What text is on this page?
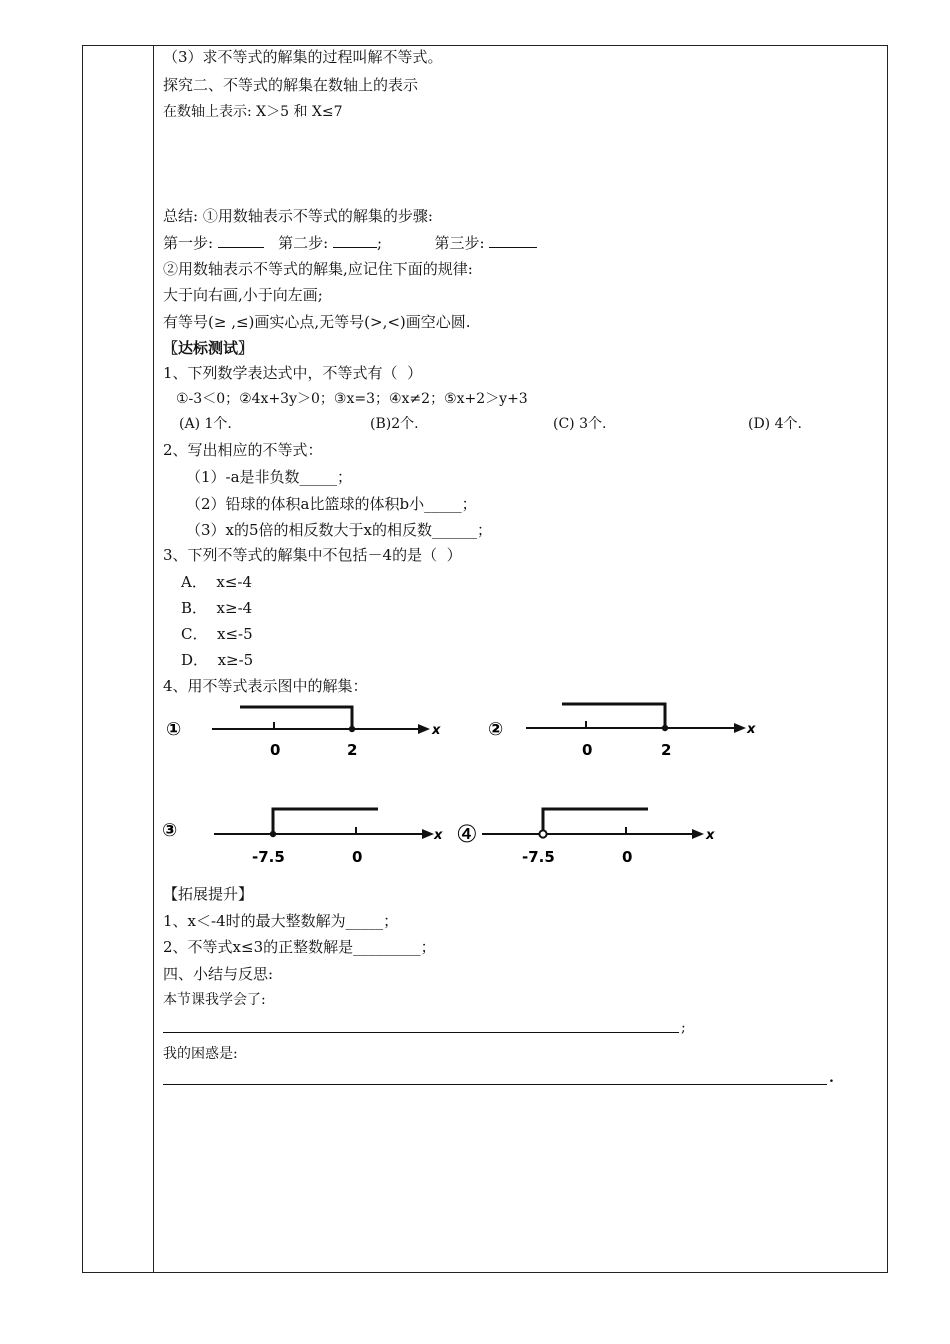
（3）求不等式的解集的过程叫解不等式。
探究二、不等式的解集在数轴上的表示
在数轴上表示: X＞5 和 X≤7
总结: ①用数轴表示不等式的解集的步骤:
第一步:	第二步:	;	第三步:
②用数轴表示不等式的解集,应记住下面的规律:
大于向右画,小于向左画;
有等号(≥ ,≤)画实心点,无等号(>,<)画空心圆.
〖达标测试〗
1、下列数学表达式中，不等式有（  ）
①-3＜0；②4x+3y＞0；③x=3；④x≠2；⑤x+2＞y+3
(A) 1个.	(B)2个.	(C) 3个.	(D) 4个.
2、写出相应的不等式：
（1）-a是非负数_____；
（2）铅球的体积a比篮球的体积b小_____；
（3）x的5倍的相反数大于x的相反数______；
3、下列不等式的解集中不包括－4的是（  ）
A．  x≤-4
B．  x≥-4
C．  x≤-5
D．  x≥-5
4、用不等式表示图中的解集：
①	x
0	2
②	x
0	2
③	x
-7.5	0
④	x
-7.5	0
【拓展提升】
1、x＜-4时的最大整数解为_____；
2、不等式x≤3的正整数解是_________；
四、小结与反思:
本节课我学会了:
;
我的困惑是:
.
